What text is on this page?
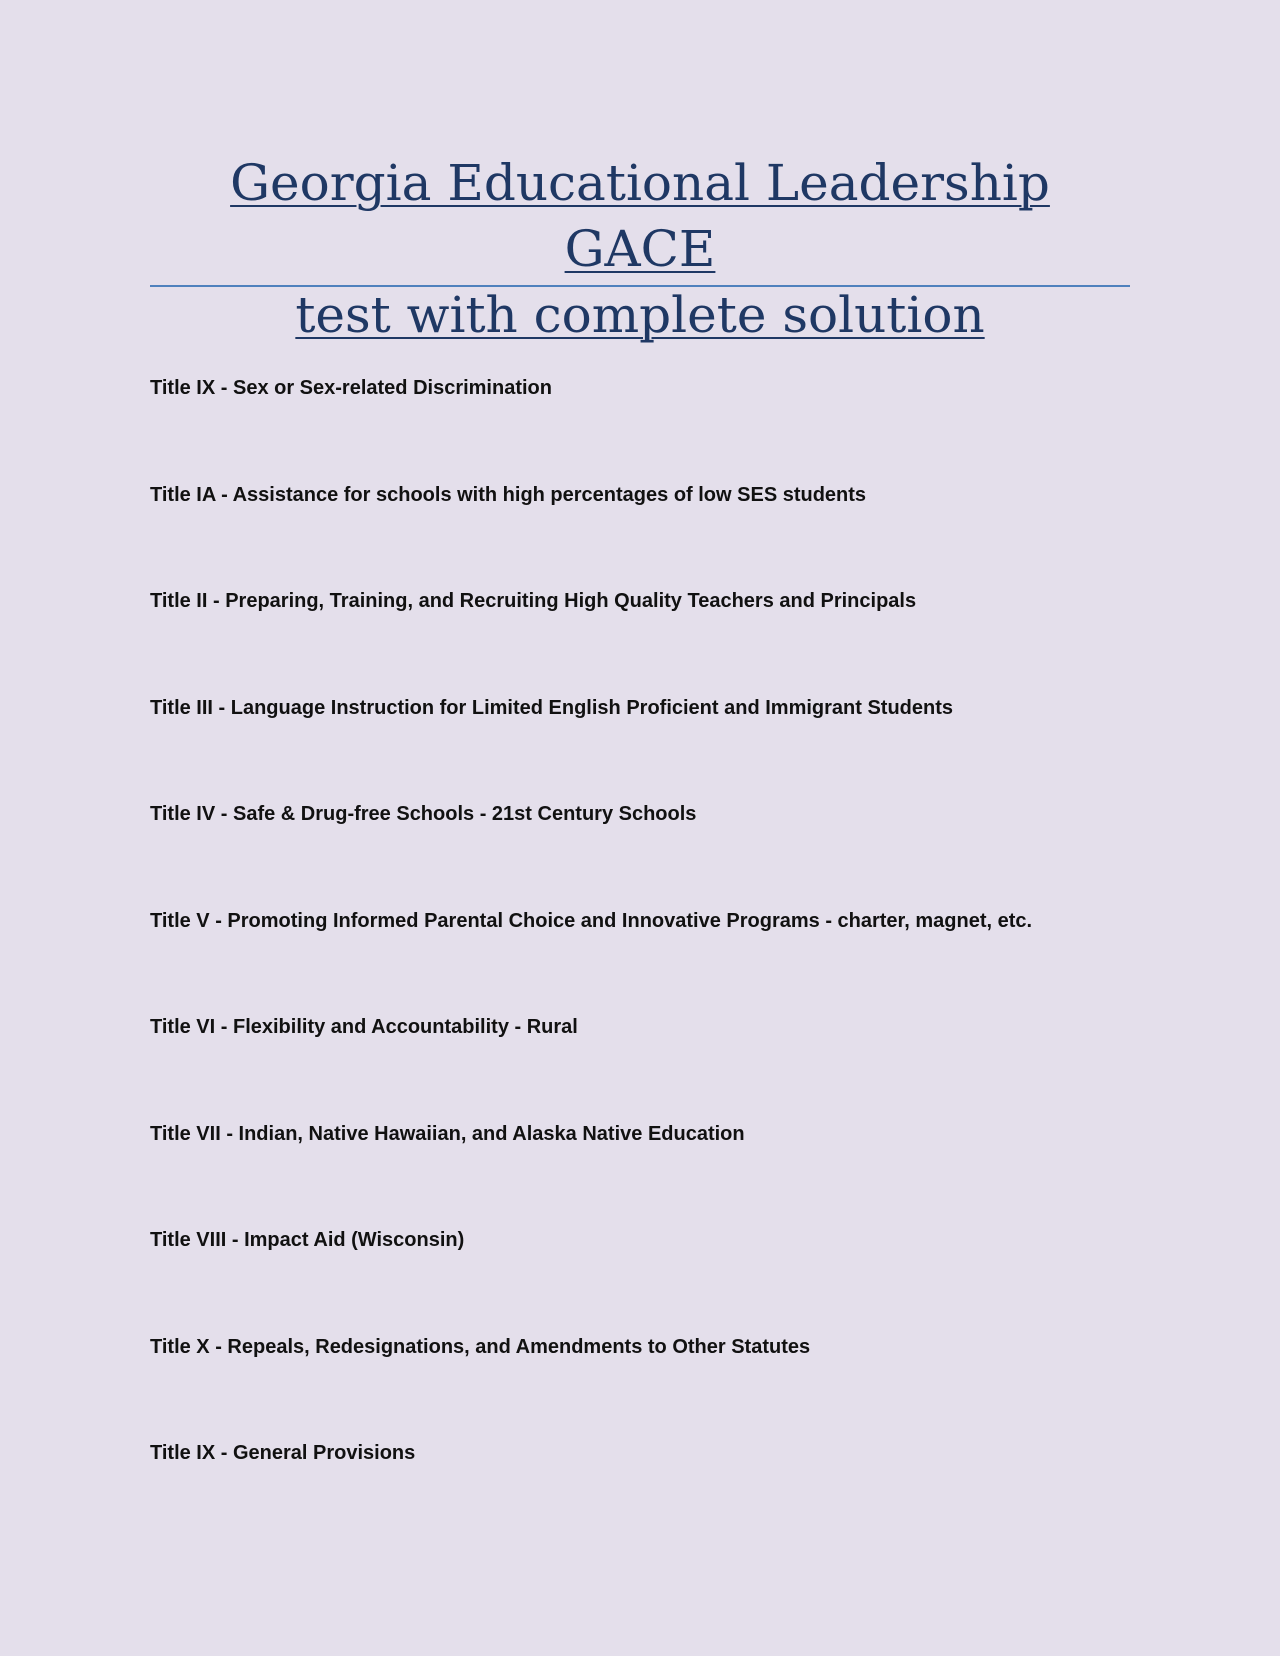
Georgia Educational Leadership GACE
test with complete solution
Title IX - Sex or Sex-related Discrimination
Title IA - Assistance for schools with high percentages of low SES students
Title II - Preparing, Training, and Recruiting High Quality Teachers and Principals
Title III - Language Instruction for Limited English Proficient and Immigrant Students
Title IV - Safe & Drug-free Schools - 21st Century Schools
Title V - Promoting Informed Parental Choice and Innovative Programs - charter, magnet, etc.
Title VI - Flexibility and Accountability - Rural
Title VII - Indian, Native Hawaiian, and Alaska Native Education
Title VIII - Impact Aid (Wisconsin)
Title X - Repeals, Redesignations, and Amendments to Other Statutes
Title IX - General Provisions
